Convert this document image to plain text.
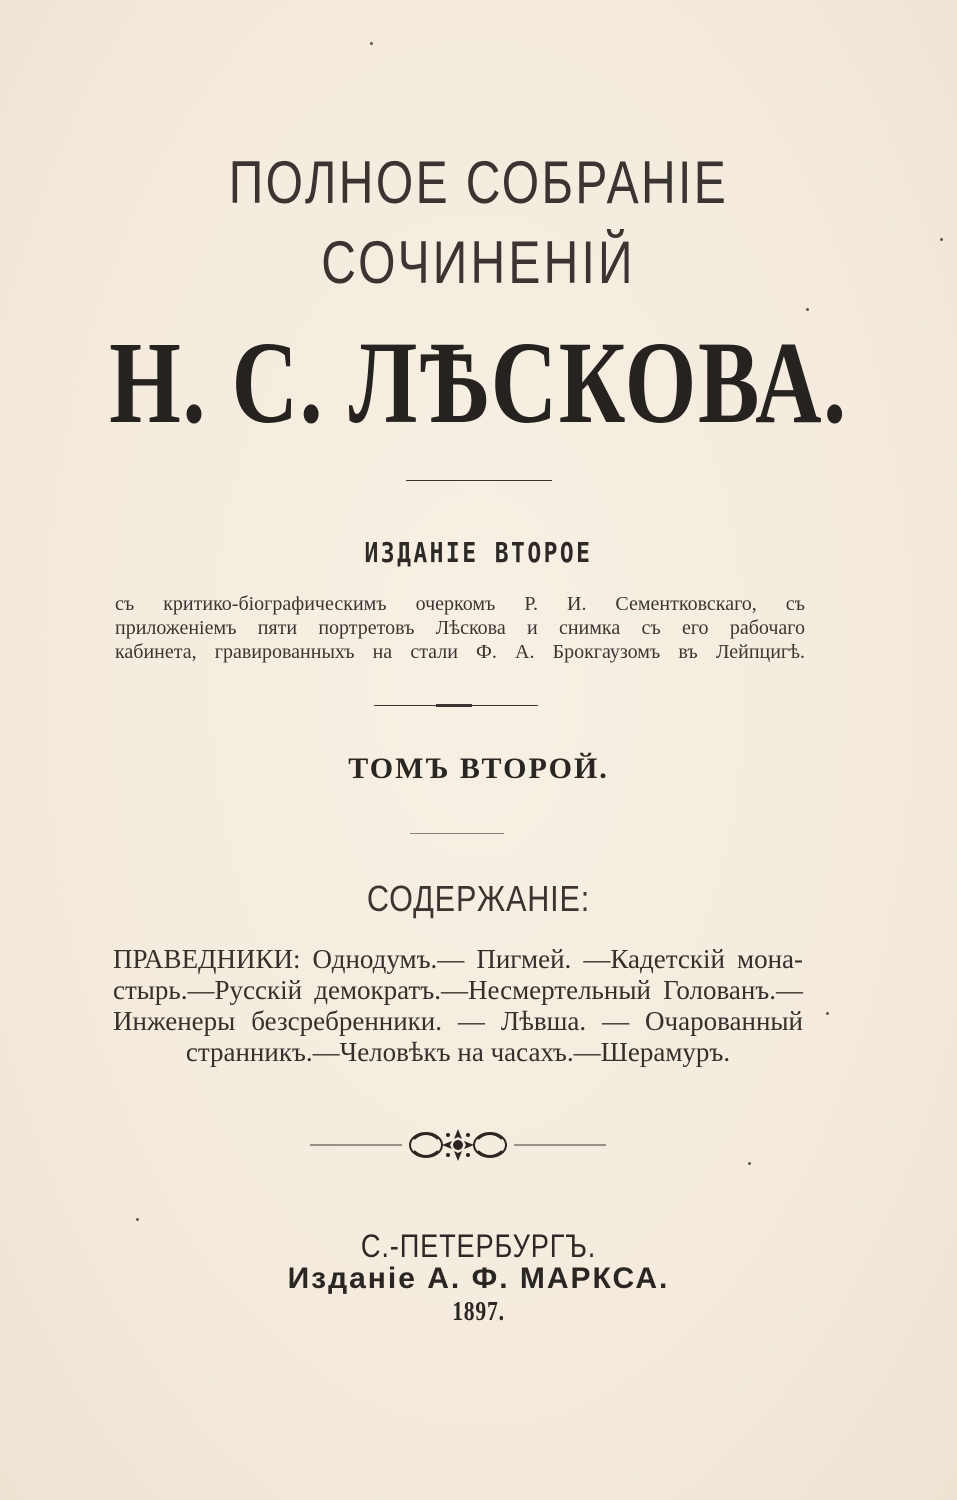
ПОЛНОЕ СОБРАНIЕ
СОЧИНЕНIЙ
Н. С. ЛѢСКОВА.
ИЗДАНIЕ ВТОРОЕ
съ критико-бiографическимъ очеркомъ Р. И. Сементковскаго, съ
приложенiемъ пяти портретовъ Лѣскова и снимка съ его рабочаго
кабинета, гравированныхъ на стали Ф. А. Брокгаузомъ въ Лейпцигѣ.
ТОМЪ ВТОРОЙ.
СОДЕРЖАНIЕ:
ПРАВЕДНИКИ: Однодумъ.— Пигмей. —Кадетскiй мона-
стырь.—Русскiй демократъ.—Несмертельный Голованъ.—
Инженеры безсребренники. — Лѣвша. — Очарованный
странникъ.—Человѣкъ на часахъ.—Шерамуръ.
С.-ПЕТЕРБУРГЪ.
Изданiе А. Ф. МАРКСА.
1897.
